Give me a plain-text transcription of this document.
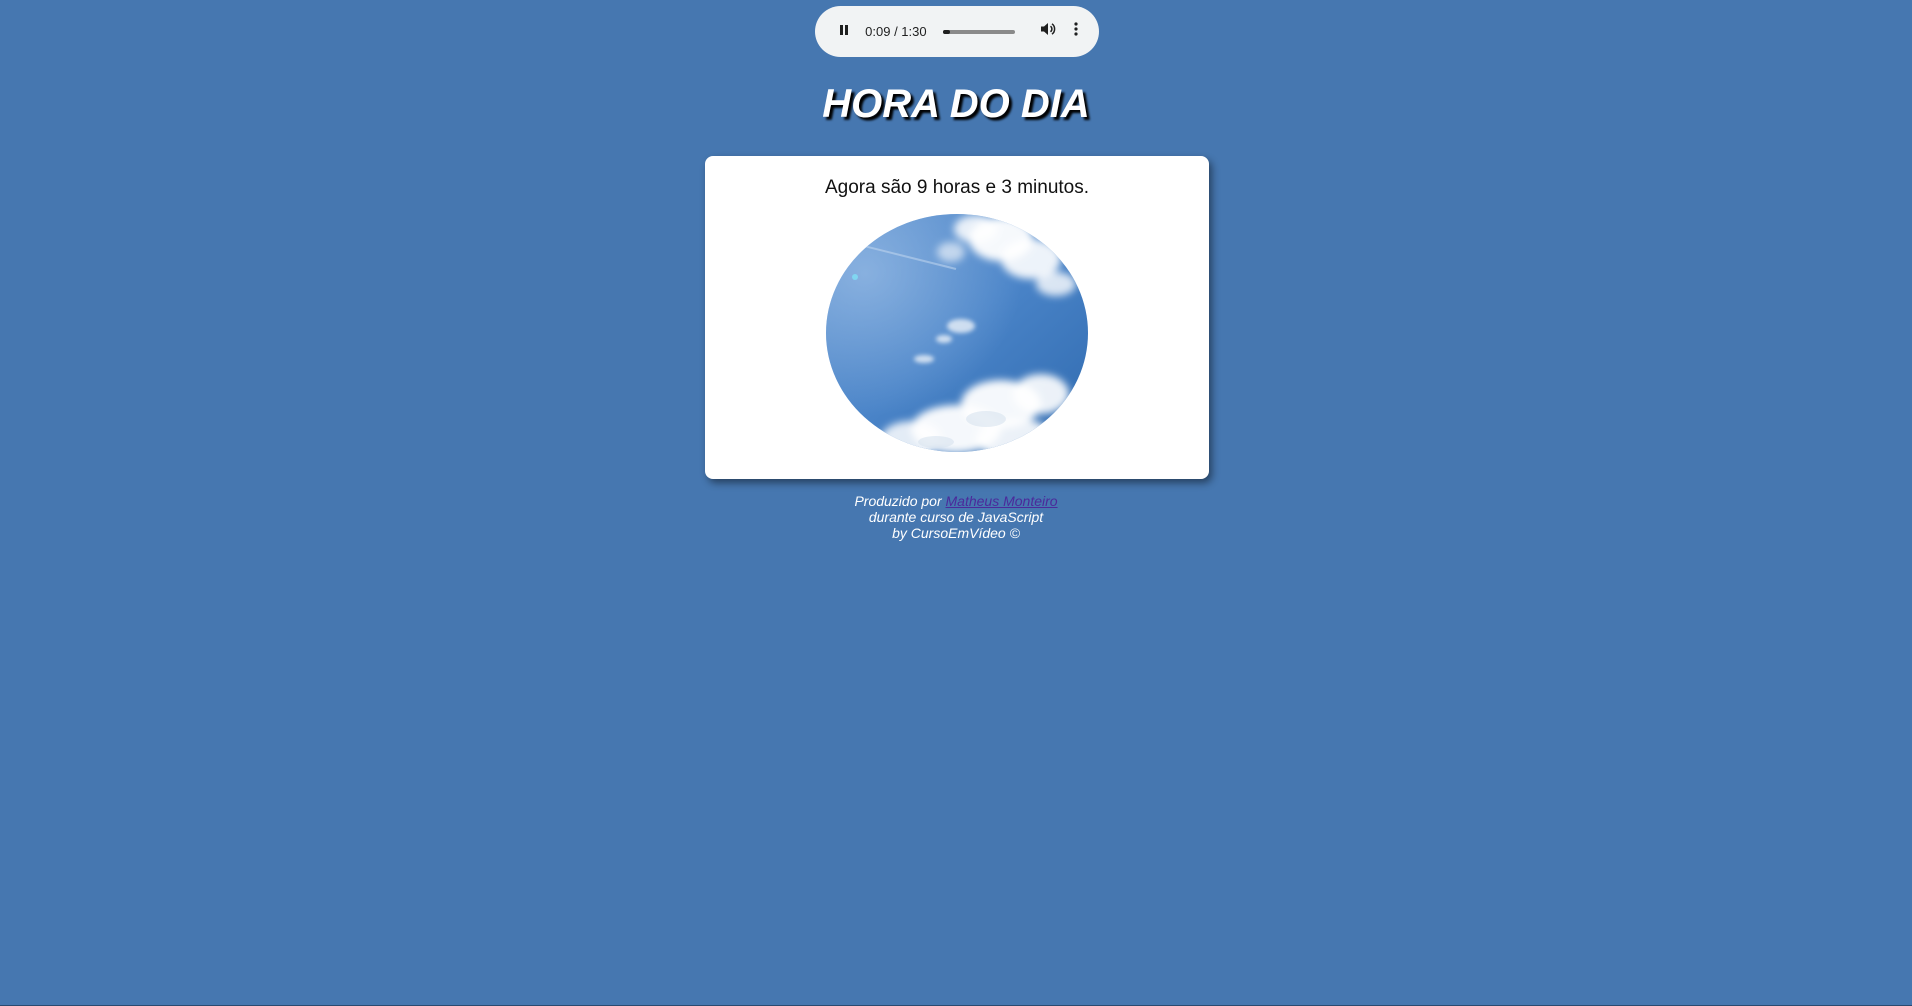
0:09 / 1:30
HORA DO DIA
Agora são 9 horas e 3 minutos.
Produzido por Matheus Monteiro
durante curso de JavaScript
by CursoEmVídeo ©
